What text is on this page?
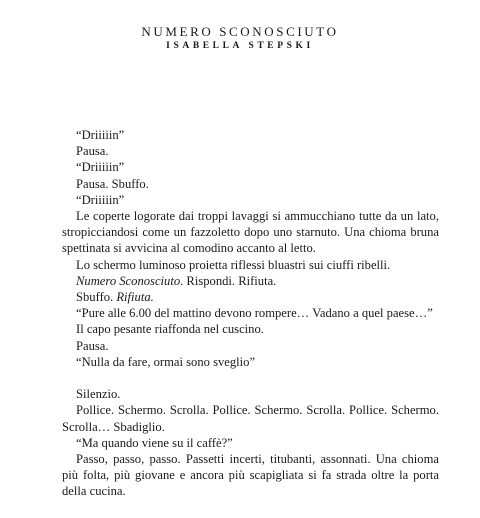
NUMERO SCONOSCIUTO
ISABELLA STEPSKI

“Driiiiin”

Pausa.

“Driiiiin”

Pausa. Sbuffo.

“Driiiiin”

Le coperte logorate dai troppi lavaggi si ammucchiano tutte da un lato, stropicciandosi come un fazzoletto dopo uno starnuto. Una chioma bruna spettinata si avvicina al comodino accanto al letto.

Lo schermo luminoso proietta riflessi bluastri sui ciuffi ribelli.

Numero Sconosciuto. Rispondi. Rifiuta.

Sbuffo. Rifiuta.

“Pure alle 6.00 del mattino devono rompere… Vadano a quel paese…”

Il capo pesante riaffonda nel cuscino.

Pausa.

“Nulla da fare, ormai sono sveglio”

Silenzio.

Pollice. Schermo. Scrolla. Pollice. Schermo. Scrolla. Pollice. Schermo. Scrolla… Sbadiglio.

“Ma quando viene su il caffè?”

Passo, passo, passo. Passetti incerti, titubanti, assonnati. Una chioma più folta, più giovane e ancora più scapigliata si fa strada oltre la porta della cucina.
